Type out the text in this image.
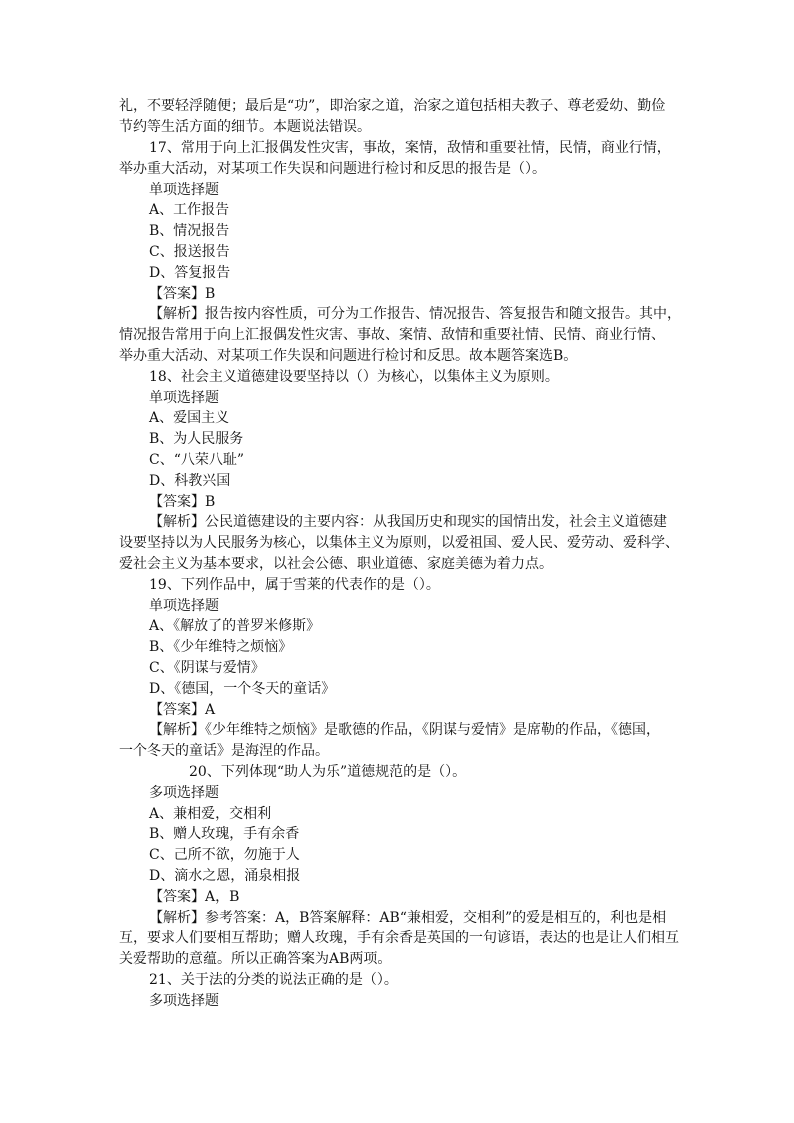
礼，不要轻浮随便；最后是“功”，即治家之道，治家之道包括相夫教子、尊老爱幼、勤俭
节约等生活方面的细节。本题说法错误。
17、常用于向上汇报偶发性灾害，事故，案情，敌情和重要社情，民情，商业行情，
举办重大活动，对某项工作失误和问题进行检讨和反思的报告是（）。
单项选择题
A、工作报告
B、情况报告
C、报送报告
D、答复报告
【答案】B
【解析】报告按内容性质，可分为工作报告、情况报告、答复报告和随文报告。其中，
情况报告常用于向上汇报偶发性灾害、事故、案情、敌情和重要社情、民情、商业行情、
举办重大活动、对某项工作失误和问题进行检讨和反思。故本题答案选B。
18、社会主义道德建设要坚持以（）为核心，以集体主义为原则。
单项选择题
A、爱国主义
B、为人民服务
C、“八荣八耻”
D、科教兴国
【答案】B
【解析】公民道德建设的主要内容：从我国历史和现实的国情出发，社会主义道德建
设要坚持以为人民服务为核心，以集体主义为原则，以爱祖国、爱人民、爱劳动、爱科学、
爱社会主义为基本要求，以社会公德、职业道德、家庭美德为着力点。
19、下列作品中，属于雪莱的代表作的是（）。
单项选择题
A、《解放了的普罗米修斯》
B、《少年维特之烦恼》
C、《阴谋与爱情》
D、《德国，一个冬天的童话》
【答案】A
【解析】《少年维特之烦恼》是歌德的作品，《阴谋与爱情》是席勒的作品，《德国，
一个冬天的童话》是海涅的作品。
20、下列体现“助人为乐”道德规范的是（）。
多项选择题
A、兼相爱，交相利
B、赠人玫瑰，手有余香
C、己所不欲，勿施于人
D、滴水之恩，涌泉相报
【答案】A，B
【解析】参考答案：A，B答案解释：AB“兼相爱，交相利”的爱是相互的，利也是相
互，要求人们要相互帮助；赠人玫瑰，手有余香是英国的一句谚语，表达的也是让人们相互
关爱帮助的意蕴。所以正确答案为AB两项。
21、关于法的分类的说法正确的是（）。
多项选择题
